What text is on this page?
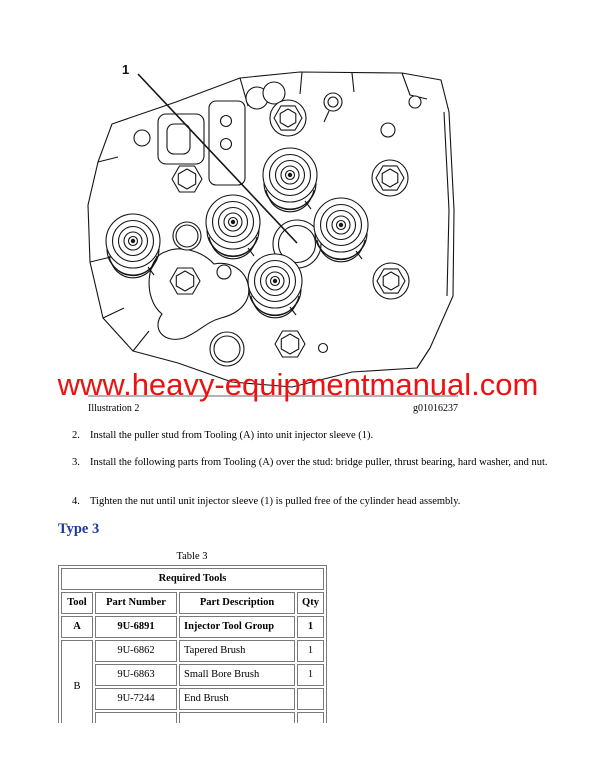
1
www.heavy-equipmentmanual.com
Illustration 2	g01016237
2. Install the puller stud from Tooling (A) into unit injector sleeve (1).
3. Install the following parts from Tooling (A) over the stud: bridge puller, thrust bearing, hard washer, and nut.
4. Tighten the nut until unit injector sleeve (1) is pulled free of the cylinder head assembly.
Type 3
Table 3
Required Tools			
Tool	Part Number	Part Description	Qty
A	9U-6891	Injector Tool Group	1
B	9U-6862	Tapered Brush	1
	9U-6863	Small Bore Brush	1
	9U-7244	End Brush	
